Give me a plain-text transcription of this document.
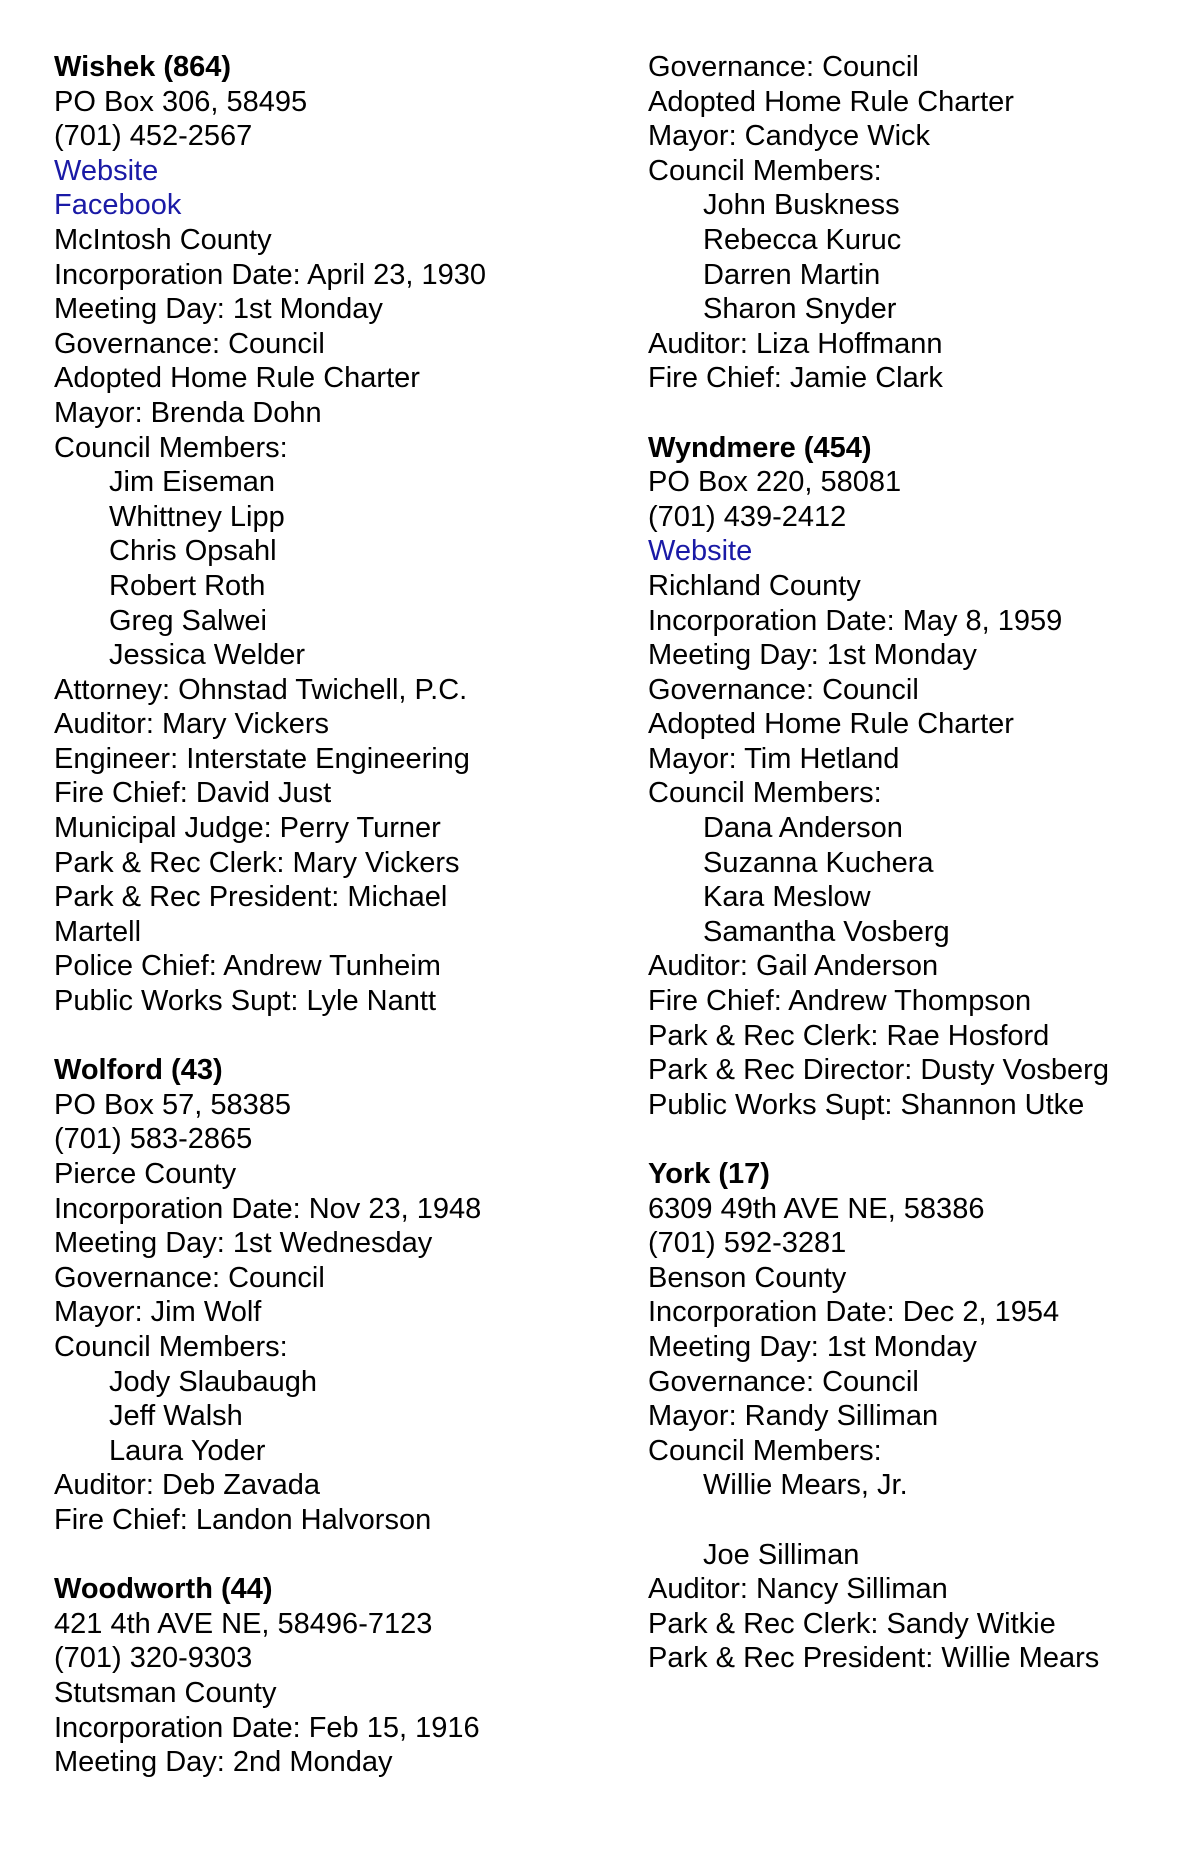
Wishek (864)
PO Box 306, 58495
(701) 452-2567
Website
Facebook
McIntosh County
Incorporation Date: April 23, 1930
Meeting Day: 1st Monday
Governance: Council
Adopted Home Rule Charter
Mayor: Brenda Dohn
Council Members:
Jim Eiseman
Whittney Lipp
Chris Opsahl
Robert Roth
Greg Salwei
Jessica Welder
Attorney: Ohnstad Twichell, P.C.
Auditor: Mary Vickers
Engineer: Interstate Engineering
Fire Chief: David Just
Municipal Judge: Perry Turner
Park & Rec Clerk: Mary Vickers
Park & Rec President: Michael
Martell
Police Chief: Andrew Tunheim
Public Works Supt: Lyle Nantt
Wolford (43)
PO Box 57, 58385
(701) 583-2865
Pierce County
Incorporation Date: Nov 23, 1948
Meeting Day: 1st Wednesday
Governance: Council
Mayor: Jim Wolf
Council Members:
Jody Slaubaugh
Jeff Walsh
Laura Yoder
Auditor: Deb Zavada
Fire Chief: Landon Halvorson
Woodworth (44)
421 4th AVE NE, 58496-7123
(701) 320-9303
Stutsman County
Incorporation Date: Feb 15, 1916
Meeting Day: 2nd Monday
Governance: Council
Adopted Home Rule Charter
Mayor: Candyce Wick
Council Members:
John Buskness
Rebecca Kuruc
Darren Martin
Sharon Snyder
Auditor: Liza Hoffmann
Fire Chief: Jamie Clark
Wyndmere (454)
PO Box 220, 58081
(701) 439-2412
Website
Richland County
Incorporation Date: May 8, 1959
Meeting Day: 1st Monday
Governance: Council
Adopted Home Rule Charter
Mayor: Tim Hetland
Council Members:
Dana Anderson
Suzanna Kuchera
Kara Meslow
Samantha Vosberg
Auditor: Gail Anderson
Fire Chief: Andrew Thompson
Park & Rec Clerk: Rae Hosford
Park & Rec Director: Dusty Vosberg
Public Works Supt: Shannon Utke
York (17)
6309 49th AVE NE, 58386
(701) 592-3281
Benson County
Incorporation Date: Dec 2, 1954
Meeting Day: 1st Monday
Governance: Council
Mayor: Randy Silliman
Council Members:
Willie Mears, Jr.
Joe Silliman
Auditor: Nancy Silliman
Park & Rec Clerk: Sandy Witkie
Park & Rec President: Willie Mears
